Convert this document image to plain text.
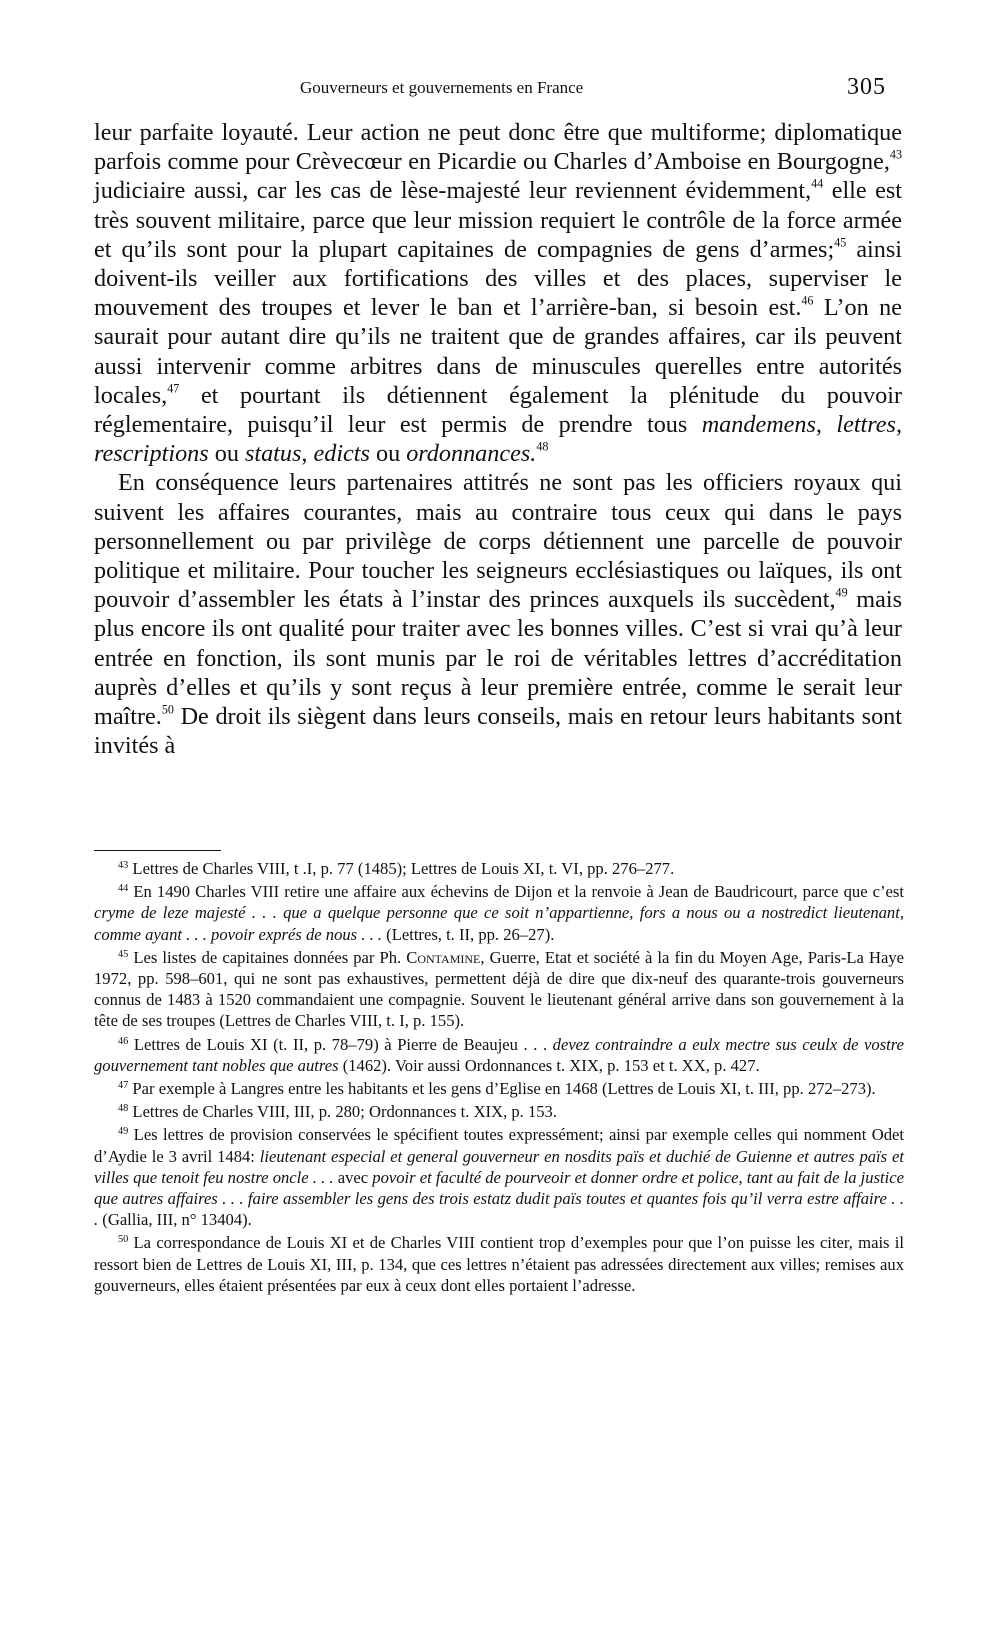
Gouverneurs et gouvernements en France	305

leur parfaite loyauté. Leur action ne peut donc être que multiforme; diplomatique parfois comme pour Crèvecœur en Picardie ou Charles d’Amboise en Bourgogne,$^{43}$ judiciaire aussi, car les cas de lèse-majesté leur reviennent évidemment,$^{44}$ elle est très souvent militaire, parce que leur mission requiert le contrôle de la force armée et qu’ils sont pour la plupart capitaines de compagnies de gens d’armes;$^{45}$ ainsi doivent-ils veiller aux fortifications des villes et des places, superviser le mouvement des troupes et lever le ban et l’arrière-ban, si besoin est.$^{46}$ L’on ne saurait pour autant dire qu’ils ne traitent que de grandes affaires, car ils peuvent aussi intervenir comme arbitres dans de minuscules querelles entre autorités locales,$^{47}$ et pourtant ils détiennent également la plénitude du pouvoir réglementaire, puisqu’il leur est permis de prendre tous mandemens, lettres, rescriptions ou status, edicts ou ordonnances.$^{48}$

En conséquence leurs partenaires attitrés ne sont pas les officiers royaux qui suivent les affaires courantes, mais au contraire tous ceux qui dans le pays personnellement ou par privilège de corps détiennent une parcelle de pouvoir politique et militaire. Pour toucher les seigneurs ecclésiastiques ou laïques, ils ont pouvoir d’assembler les états à l’instar des princes auxquels ils succèdent,$^{49}$ mais plus encore ils ont qualité pour traiter avec les bonnes villes. C’est si vrai qu’à leur entrée en fonction, ils sont munis par le roi de véritables lettres d’accréditation auprès d’elles et qu’ils y sont reçus à leur première entrée, comme le serait leur maître.$^{50}$ De droit ils siègent dans leurs conseils, mais en retour leurs habitants sont invités à

$^{43}$ Lettres de Charles VIII, t .I, p. 77 (1485); Lettres de Louis XI, t. VI, pp. 276–277.

$^{44}$ En 1490 Charles VIII retire une affaire aux échevins de Dijon et la renvoie à Jean de Baudricourt, parce que c’est cryme de leze majesté . . . que a quelque personne que ce soit n’appartienne, fors a nous ou a nostredict lieutenant, comme ayant . . . povoir exprés de nous . . . (Lettres, t. II, pp. 26–27).

$^{45}$ Les listes de capitaines données par Ph. Contamine, Guerre, Etat et société à la fin du Moyen Age, Paris-La Haye 1972, pp. 598–601, qui ne sont pas exhaustives, permettent déjà de dire que dix-neuf des quarante-trois gouverneurs connus de 1483 à 1520 commandaient une compagnie. Souvent le lieutenant général arrive dans son gouvernement à la tête de ses troupes (Lettres de Charles VIII, t. I, p. 155).

$^{46}$ Lettres de Louis XI (t. II, p. 78–79) à Pierre de Beaujeu . . . devez contraindre a eulx mectre sus ceulx de vostre gouvernement tant nobles que autres (1462). Voir aussi Ordonnances t. XIX, p. 153 et t. XX, p. 427.

$^{47}$ Par exemple à Langres entre les habitants et les gens d’Eglise en 1468 (Lettres de Louis XI, t. III, pp. 272–273).

$^{48}$ Lettres de Charles VIII, III, p. 280; Ordonnances t. XIX, p. 153.

$^{49}$ Les lettres de provision conservées le spécifient toutes expressément; ainsi par exemple celles qui nomment Odet d’Aydie le 3 avril 1484: lieutenant especial et general gouverneur en nosdits païs et duchié de Guienne et autres païs et villes que tenoit feu nostre oncle . . . avec povoir et faculté de pourveoir et donner ordre et police, tant au fait de la justice que autres affaires . . . faire assembler les gens des trois estatz dudit païs toutes et quantes fois qu’il verra estre affaire . . . (Gallia, III, n° 13404).

$^{50}$ La correspondance de Louis XI et de Charles VIII contient trop d’exemples pour que l’on puisse les citer, mais il ressort bien de Lettres de Louis XI, III, p. 134, que ces lettres n’étaient pas adressées directement aux villes; remises aux gouverneurs, elles étaient présentées par eux à ceux dont elles portaient l’adresse.
